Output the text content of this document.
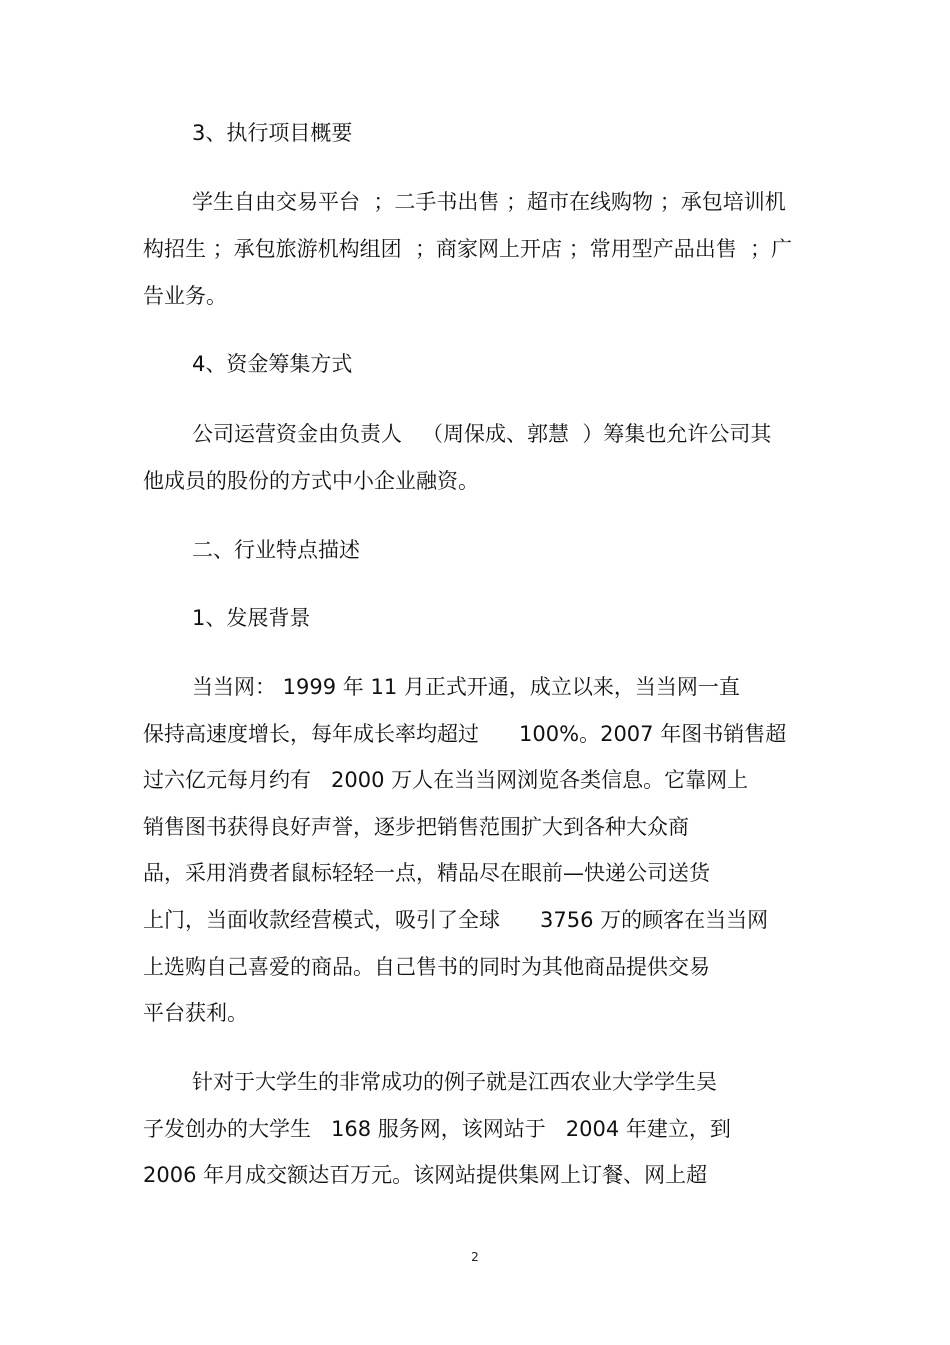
3、执行项目概要

学生自由交易平台  ；二手书出售 ；超市在线购物 ；承包培训机

构招生 ；承包旅游机构组团  ；商家网上开店 ；常用型产品出售  ；广

告业务。

4、资金筹集方式

公司运营资金由负责人   （周保成、郭慧  ）筹集也允许公司其

他成员的股份的方式中小企业融资。

二、行业特点描述

1、发展背景

当当网： 1999 年 11 月正式开通，成立以来，当当网一直

保持高速度增长，每年成长率均超过      100%。2007 年图书销售超

过六亿元每月约有   2000 万人在当当网浏览各类信息。它靠网上

销售图书获得良好声誉，逐步把销售范围扩大到各种大众商

品，采用消费者鼠标轻轻一点，精品尽在眼前—快递公司送货

上门，当面收款经营模式，吸引了全球      3756 万的顾客在当当网

上选购自己喜爱的商品。自己售书的同时为其他商品提供交易

平台获利。

针对于大学生的非常成功的例子就是江西农业大学学生吴

子发创办的大学生   168 服务网，该网站于   2004 年建立，到

2006 年月成交额达百万元。该网站提供集网上订餐、网上超

2
